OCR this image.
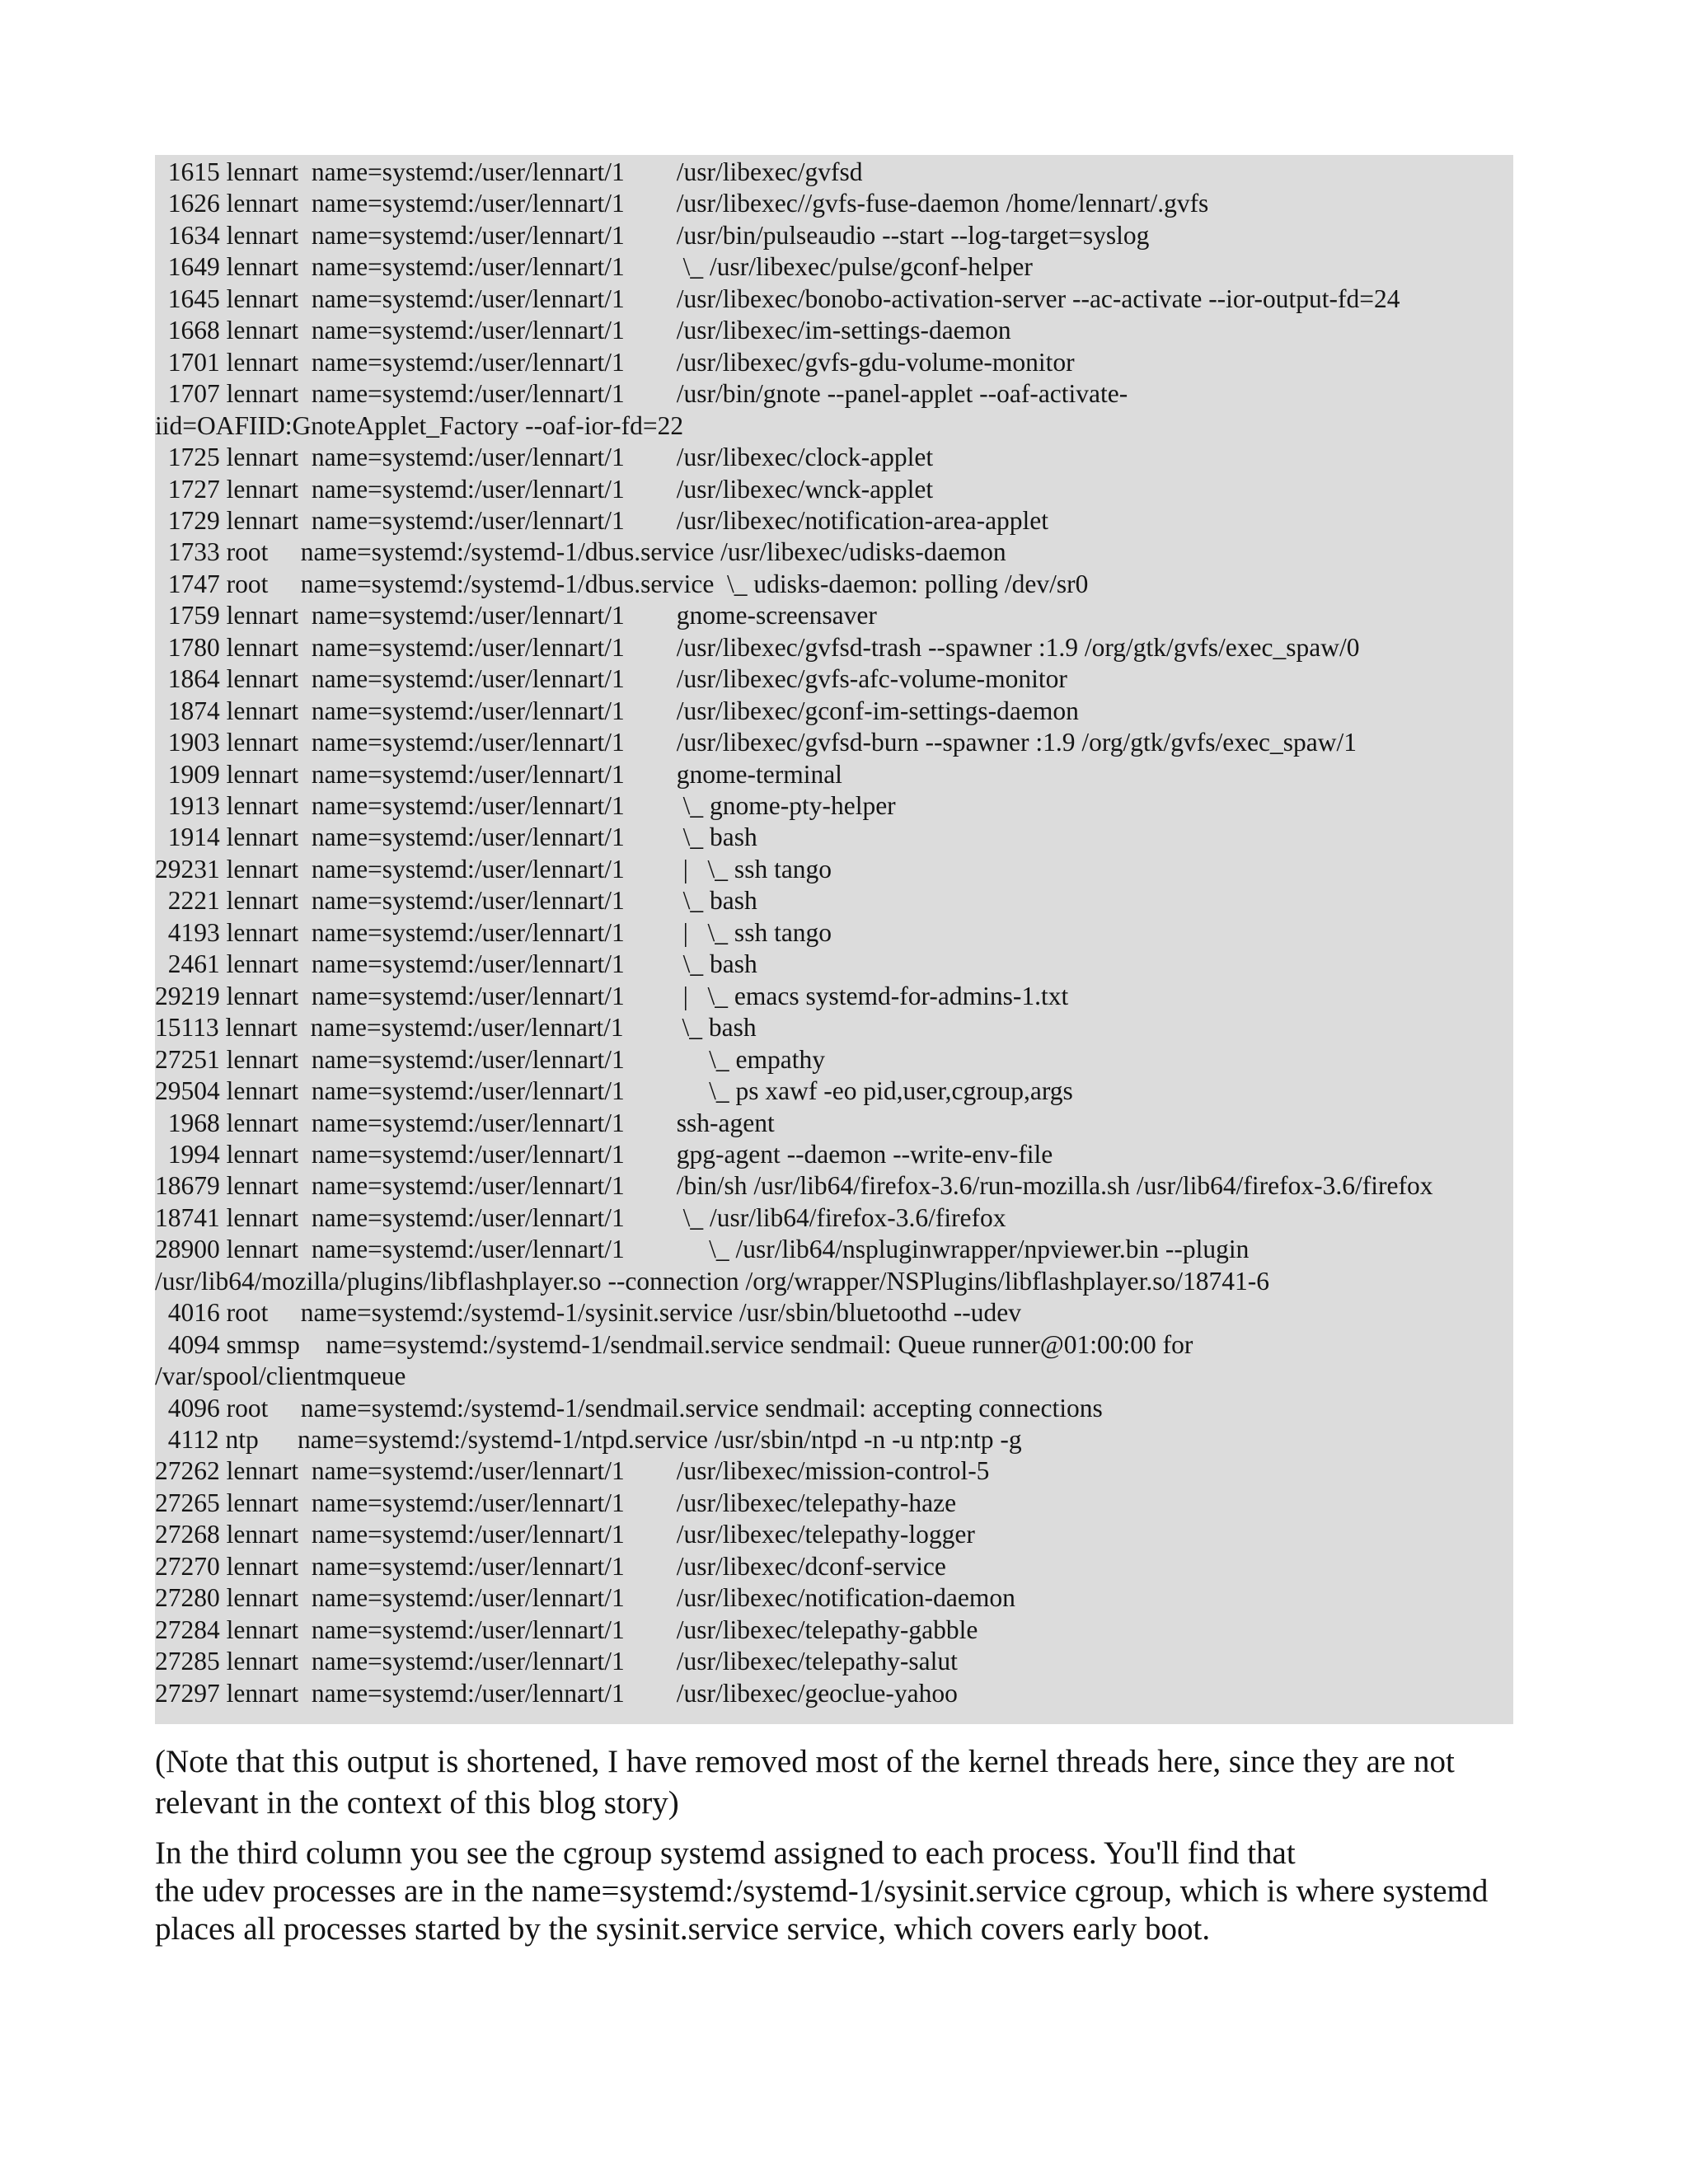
1615 lennart  name=systemd:/user/lennart/1        /usr/libexec/gvfsd
1626 lennart  name=systemd:/user/lennart/1        /usr/libexec//gvfs-fuse-daemon /home/lennart/.gvfs
1634 lennart  name=systemd:/user/lennart/1        /usr/bin/pulseaudio --start --log-target=syslog
1649 lennart  name=systemd:/user/lennart/1         \_ /usr/libexec/pulse/gconf-helper
1645 lennart  name=systemd:/user/lennart/1        /usr/libexec/bonobo-activation-server --ac-activate --ior-output-fd=24
1668 lennart  name=systemd:/user/lennart/1        /usr/libexec/im-settings-daemon
1701 lennart  name=systemd:/user/lennart/1        /usr/libexec/gvfs-gdu-volume-monitor
1707 lennart  name=systemd:/user/lennart/1        /usr/bin/gnote --panel-applet --oaf-activate-
iid=OAFIID:GnoteApplet_Factory --oaf-ior-fd=22
1725 lennart  name=systemd:/user/lennart/1        /usr/libexec/clock-applet
1727 lennart  name=systemd:/user/lennart/1        /usr/libexec/wnck-applet
1729 lennart  name=systemd:/user/lennart/1        /usr/libexec/notification-area-applet
1733 root     name=systemd:/systemd-1/dbus.service /usr/libexec/udisks-daemon
1747 root     name=systemd:/systemd-1/dbus.service  \_ udisks-daemon: polling /dev/sr0
1759 lennart  name=systemd:/user/lennart/1        gnome-screensaver
1780 lennart  name=systemd:/user/lennart/1        /usr/libexec/gvfsd-trash --spawner :1.9 /org/gtk/gvfs/exec_spaw/0
1864 lennart  name=systemd:/user/lennart/1        /usr/libexec/gvfs-afc-volume-monitor
1874 lennart  name=systemd:/user/lennart/1        /usr/libexec/gconf-im-settings-daemon
1903 lennart  name=systemd:/user/lennart/1        /usr/libexec/gvfsd-burn --spawner :1.9 /org/gtk/gvfs/exec_spaw/1
1909 lennart  name=systemd:/user/lennart/1        gnome-terminal
1913 lennart  name=systemd:/user/lennart/1         \_ gnome-pty-helper
1914 lennart  name=systemd:/user/lennart/1         \_ bash
29231 lennart  name=systemd:/user/lennart/1         |   \_ ssh tango
2221 lennart  name=systemd:/user/lennart/1         \_ bash
4193 lennart  name=systemd:/user/lennart/1         |   \_ ssh tango
2461 lennart  name=systemd:/user/lennart/1         \_ bash
29219 lennart  name=systemd:/user/lennart/1         |   \_ emacs systemd-for-admins-1.txt
15113 lennart  name=systemd:/user/lennart/1         \_ bash
27251 lennart  name=systemd:/user/lennart/1             \_ empathy
29504 lennart  name=systemd:/user/lennart/1             \_ ps xawf -eo pid,user,cgroup,args
1968 lennart  name=systemd:/user/lennart/1        ssh-agent
1994 lennart  name=systemd:/user/lennart/1        gpg-agent --daemon --write-env-file
18679 lennart  name=systemd:/user/lennart/1        /bin/sh /usr/lib64/firefox-3.6/run-mozilla.sh /usr/lib64/firefox-3.6/firefox
18741 lennart  name=systemd:/user/lennart/1         \_ /usr/lib64/firefox-3.6/firefox
28900 lennart  name=systemd:/user/lennart/1             \_ /usr/lib64/nspluginwrapper/npviewer.bin --plugin
/usr/lib64/mozilla/plugins/libflashplayer.so --connection /org/wrapper/NSPlugins/libflashplayer.so/18741-6
4016 root     name=systemd:/systemd-1/sysinit.service /usr/sbin/bluetoothd --udev
4094 smmsp    name=systemd:/systemd-1/sendmail.service sendmail: Queue runner@01:00:00 for
/var/spool/clientmqueue
4096 root     name=systemd:/systemd-1/sendmail.service sendmail: accepting connections
4112 ntp      name=systemd:/systemd-1/ntpd.service /usr/sbin/ntpd -n -u ntp:ntp -g
27262 lennart  name=systemd:/user/lennart/1        /usr/libexec/mission-control-5
27265 lennart  name=systemd:/user/lennart/1        /usr/libexec/telepathy-haze
27268 lennart  name=systemd:/user/lennart/1        /usr/libexec/telepathy-logger
27270 lennart  name=systemd:/user/lennart/1        /usr/libexec/dconf-service
27280 lennart  name=systemd:/user/lennart/1        /usr/libexec/notification-daemon
27284 lennart  name=systemd:/user/lennart/1        /usr/libexec/telepathy-gabble
27285 lennart  name=systemd:/user/lennart/1        /usr/libexec/telepathy-salut
27297 lennart  name=systemd:/user/lennart/1        /usr/libexec/geoclue-yahoo
(Note that this output is shortened, I have removed most of the kernel threads here, since they are not
relevant in the context of this blog story)
In the third column you see the cgroup systemd assigned to each process. You'll find that
the udev processes are in the name=systemd:/systemd-1/sysinit.service cgroup, which is where systemd
places all processes started by the sysinit.service service, which covers early boot.
